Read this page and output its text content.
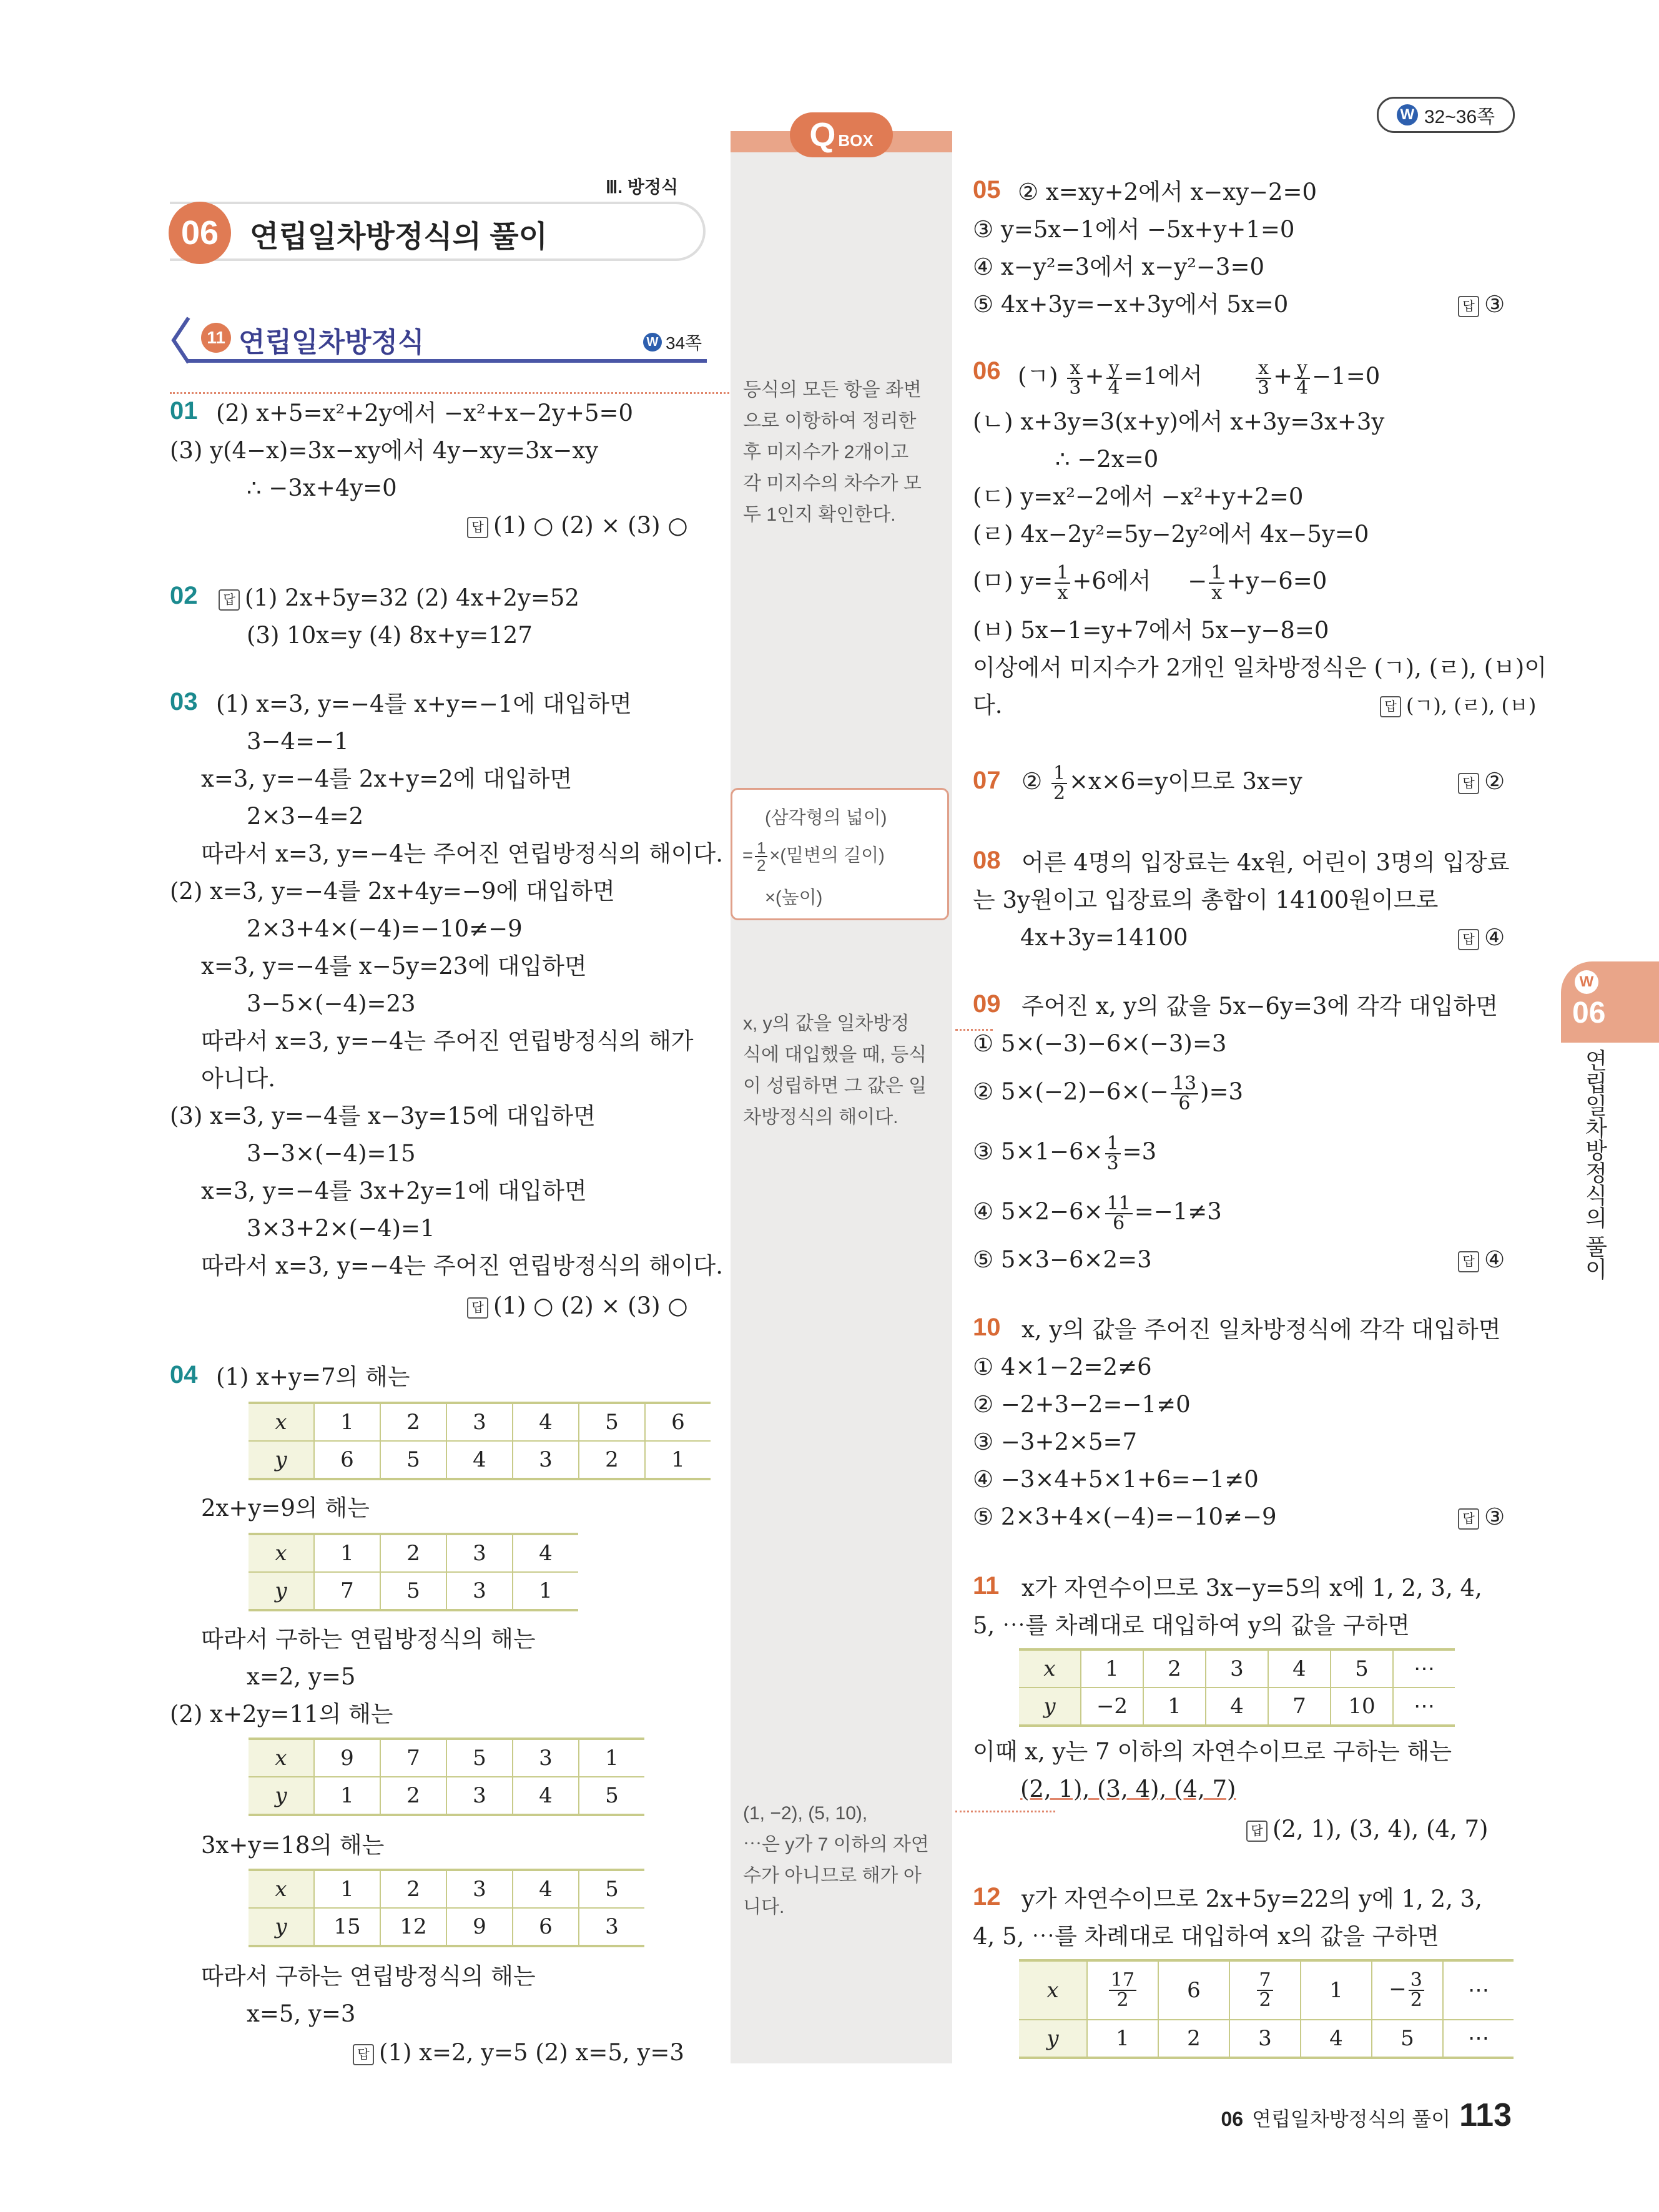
W 32~36쪽
Q BOX
등식의 모든 항을 좌변
으로 이항하여 정리한
후 미지수가 2개이고
각 미지수의 차수가 모
두 1인지 확인한다.
(삼각형의 넓이)
= $\frac{1}{2}$ ×(밑변의 길이)
×(높이)
x, y의 값을 일차방정
식에 대입했을 때, 등식
이 성립하면 그 값은 일
차방정식의 해이다.
(1, −2), (5, 10),
⋯은 y가 7 이하의 자연
수가 아니므로 해가 아
니다.
Ⅲ. 방정식
06	연립일차방정식의 풀이
11 연립일차방정식	W 34쪽
01 (2) x+5=x²+2y에서 −x²+x−2y+5=0
(3) y(4−x)=3x−xy에서 4y−xy=3x−xy
∴ −3x+4y=0
답 (1) ○ (2) × (3) ○
02	답 (1) 2x+5y=32 (2) 4x+2y=52
(3) 10x=y (4) 8x+y=127
03 (1) x=3, y=−4를 x+y=−1에 대입하면
3−4=−1
x=3, y=−4를 2x+y=2에 대입하면
2×3−4=2
따라서 x=3, y=−4는 주어진 연립방정식의 해이다.
(2) x=3, y=−4를 2x+4y=−9에 대입하면
2×3+4×(−4)=−10≠−9
x=3, y=−4를 x−5y=23에 대입하면
3−5×(−4)=23
따라서 x=3, y=−4는 주어진 연립방정식의 해가
아니다.
(3) x=3, y=−4를 x−3y=15에 대입하면
3−3×(−4)=15
x=3, y=−4를 3x+2y=1에 대입하면
3×3+2×(−4)=1
따라서 x=3, y=−4는 주어진 연립방정식의 해이다.
답 (1) ○ (2) × (3) ○
04 (1) x+y=7의 해는
x	1	2	3	4	5	6
y	6	5	4	3	2	1
2x+y=9의 해는
x	1	2	3	4
y	7	5	3	1
따라서 구하는 연립방정식의 해는
x=2, y=5
(2) x+2y=11의 해는
x	9	7	5	3	1
y	1	2	3	4	5
3x+y=18의 해는
x	1	2	3	4	5
y	15	12	9	6	3
따라서 구하는 연립방정식의 해는
x=5, y=3
답 (1) x=2, y=5 (2) x=5, y=3
05 ② x=xy+2에서 x−xy−2=0
③ y=5x−1에서 −5x+y+1=0
④ x−y²=3에서 x−y²−3=0
⑤ 4x+3y=−x+3y에서 5x=0	답 ③
06 (ㄱ) $\frac{x}{3} + \frac{y}{4} =1$에서	$\frac{x}{3} + \frac{y}{4} -1=0$
(ㄴ) x+3y=3(x+y)에서 x+3y=3x+3y
∴ −2x=0
(ㄷ) y=x²−2에서 −x²+y+2=0
(ㄹ) 4x−2y²=5y−2y²에서 4x−5y=0
(ㅁ) $y= \frac{1}{x} +6$에서     − $\frac{1}{x} +y-6=0$
(ㅂ) 5x−1=y+7에서 5x−y−8=0
이상에서 미지수가 2개인 일차방정식은 (ㄱ), (ㄹ), (ㅂ)이
다.	답 (ㄱ), (ㄹ), (ㅂ)
07 ② $\frac{1}{2} \times x\times 6=y$이므로 3x=y	답 ②
08 어른 4명의 입장료는 4x원, 어린이 3명의 입장료
는 3y원이고 입장료의 총합이 14100원이므로
4x+3y=14100	답 ④
09 주어진 x, y의 값을 5x−6y=3에 각각 대입하면
① 5×(−3)−6×(−3)=3
② $5\times(-2)-6\times(- \frac{13}{6} )=3$
③ $5\times 1-6\times \frac{1}{3} =3$
④ $5\times 2-6\times \frac{11}{6} =-1\ne 3$
⑤ 5×3−6×2=3	답 ④
10 x, y의 값을 주어진 일차방정식에 각각 대입하면
① 4×1−2=2≠6
② −2+3−2=−1≠0
③ −3+2×5=7
④ −3×4+5×1+6=−1≠0
⑤ 2×3+4×(−4)=−10≠−9	답 ③
11 x가 자연수이므로 3x−y=5의 x에 1, 2, 3, 4,
5, ⋯를 차례대로 대입하여 y의 값을 구하면
x	1	2	3	4	5	⋯
y	−2	1	4	7	10	⋯
이때 x, y는 7 이하의 자연수이므로 구하는 해는
(2, 1), (3, 4), (4, 7)
답 (2, 1), (3, 4), (4, 7)
12 y가 자연수이므로 2x+5y=22의 y에 1, 2, 3,
4, 5, ⋯를 차례대로 대입하여 x의 값을 구하면
x	$\frac{17}{2}$	6	$\frac{7}{2}$	1	− $\frac{3}{2}$	⋯
y	1	2	3	4	5	⋯
W
06
연립일차방정식의 풀이
06 연립일차방정식의 풀이 113
